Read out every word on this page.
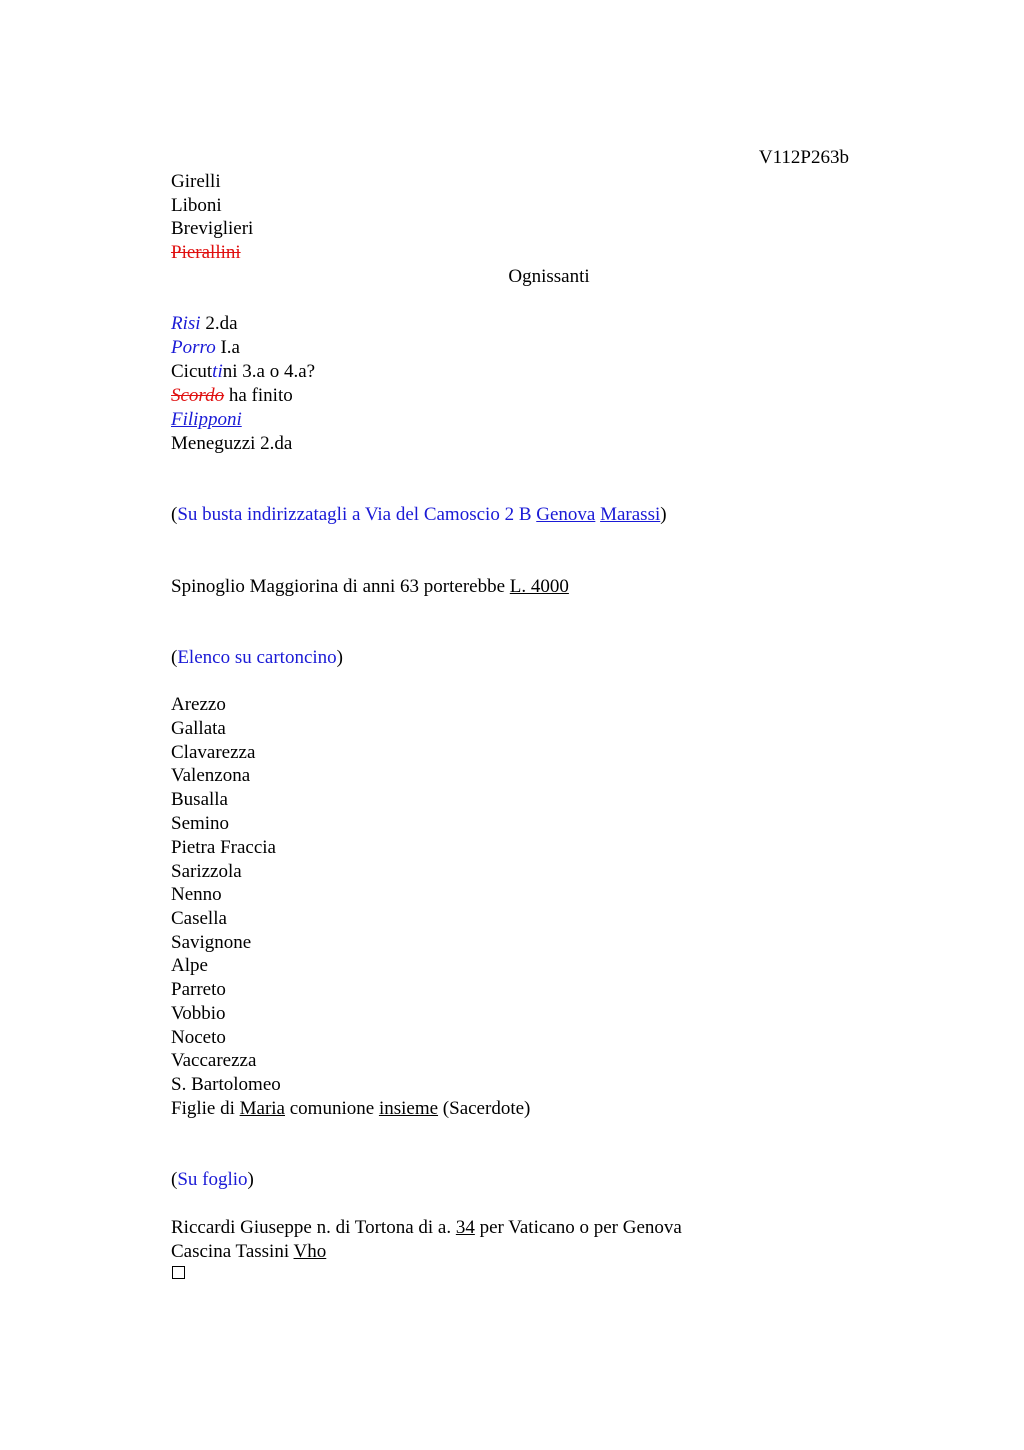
V112P263b
Girelli
Liboni
Breviglieri
Pierallini
Ognissanti
Risi 2.da
Porro I.a
Cicuttini 3.a o 4.a?
Scordo ha finito
Filipponi
Meneguzzi 2.da
(Su busta indirizzatagli a Via del Camoscio 2 B Genova Marassi)
Spinoglio Maggiorina di anni 63 porterebbe L. 4000
(Elenco su cartoncino)
Arezzo
Gallata
Clavarezza
Valenzona
Busalla
Semino
Pietra Fraccia
Sarizzola
Nenno
Casella
Savignone
Alpe
Parreto
Vobbio
Noceto
Vaccarezza
S. Bartolomeo
Figlie di Maria comunione insieme (Sacerdote)
(Su foglio)
Riccardi Giuseppe n. di Tortona di a. 34 per Vaticano o per Genova
Cascina Tassini Vho
